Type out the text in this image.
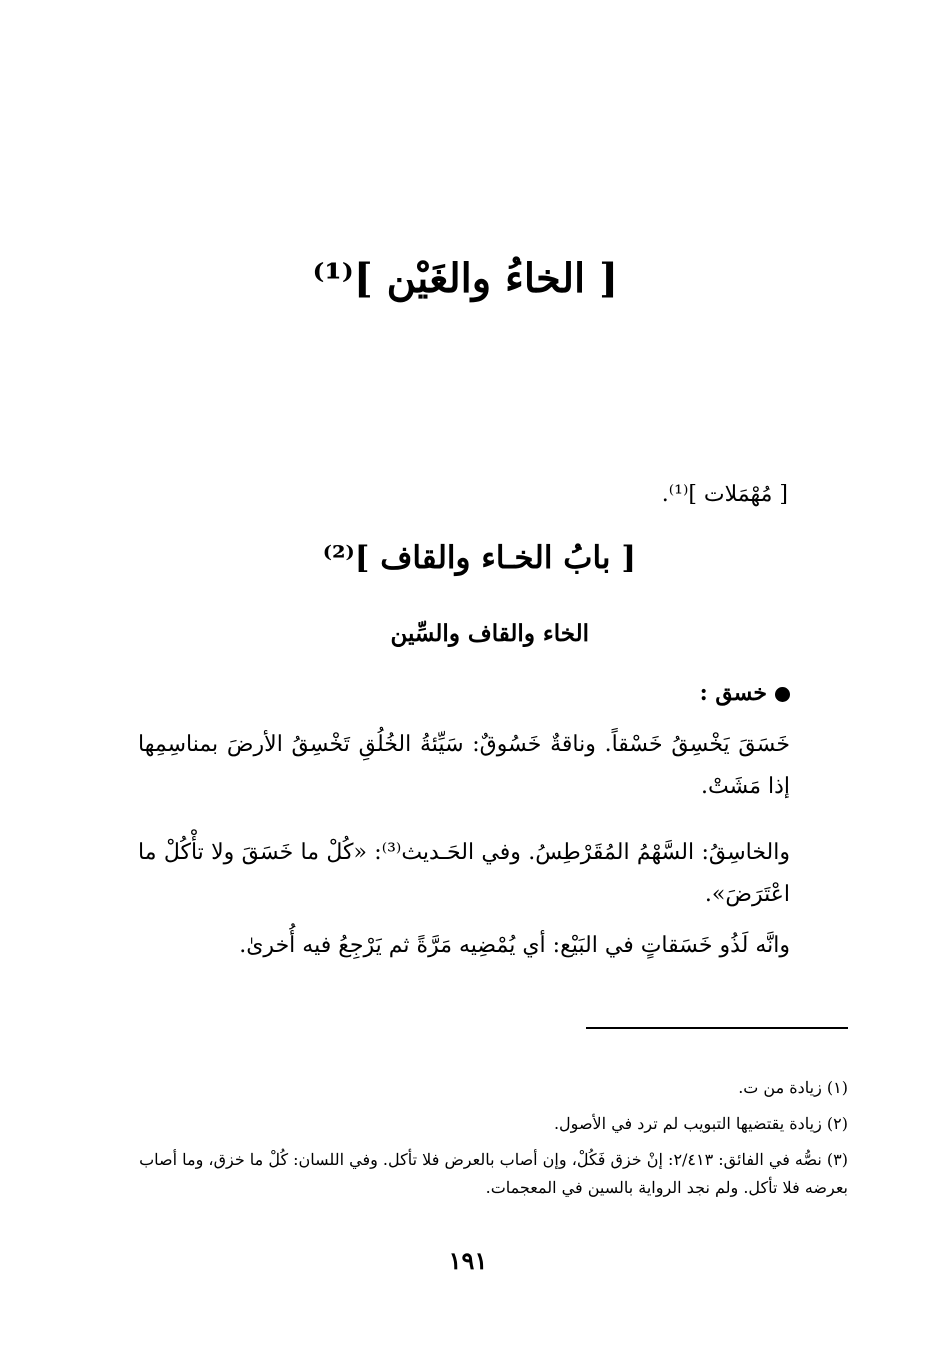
[ الخاءُ والغَيْن ]⁽¹⁾
[ مُهْمَلات ]⁽¹⁾.
[ بابُ الخـاء والقاف ]⁽²⁾
الخاء والقاف والسِّين
خسق :
خَسَقَ يَخْسِقُ خَسْقاً. وناقةٌ خَسُوقٌ: سَيِّئةُ الخُلُقِ تَخْسِقُ الأرضَ بمناسِمِها إذا مَشَتْ.
والخاسِقُ: السَّهْمُ المُقَرْطِسُ. وفي الحَـديث⁽³⁾: «كُلْ ما خَسَقَ ولا تأْكُلْ ما اعْتَرَضَ».
وانَّه لَذُو خَسَقاتٍ في البَيْع: أي يُمْضِيه مَرَّةً ثم يَرْجِعُ فيه أُخرىٰ.
(١) زيادة من ت.
(٢) زيادة يقتضيها التبويب لم ترد في الأصول.
(٣) نصُّه في الفائق: ٢/٤١٣: إنْ خزق فَكُلْ، وإن أصاب بالعرض فلا تأكل. وفي اللسان: كُلْ ما خزق، وما أصاب بعرضه فلا تأكل. ولم نجد الرواية بالسين في المعجمات.
١٩١
